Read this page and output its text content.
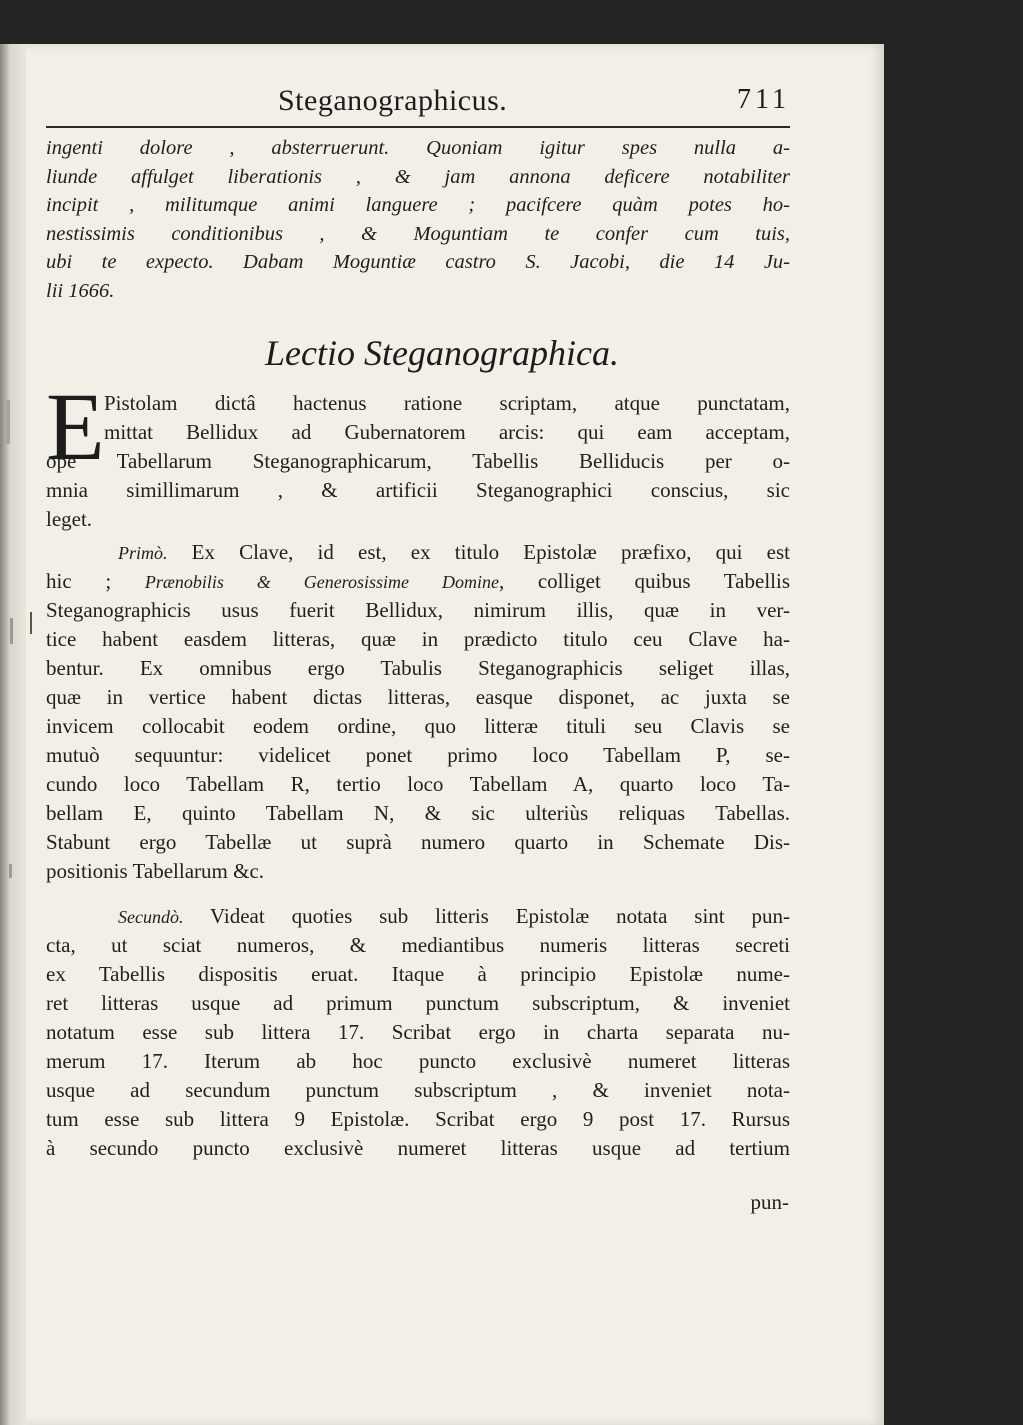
Steganographicus.	711
ingenti dolore , absterruerunt. Quoniam igitur spes nulla a-
liunde affulget liberationis , & jam annona deficere notabiliter
incipit , militumque animi languere ; pacifcere quàm potes ho-
nestissimis conditionibus , & Moguntiam te confer cum tuis,
ubi te expecto. Dabam Moguntiæ castro S. Jacobi, die 14 Ju-
lii 1666.
Lectio Steganographica.
E Pistolam dictâ hactenus ratione scriptam, atque punctatam,
mittat Bellidux ad Gubernatorem arcis: qui eam acceptam,
ope Tabellarum Steganographicarum, Tabellis Belliducis per o-
mnia simillimarum , & artificii Steganographici conscius, sic
leget.
Primò. Ex Clave, id est, ex titulo Epistolæ præfixo, qui est
hic ; Prænobilis & Generosissime Domine, colliget quibus Tabellis
Steganographicis usus fuerit Bellidux, nimirum illis, quæ in ver-
tice habent easdem litteras, quæ in prædicto titulo ceu Clave ha-
bentur. Ex omnibus ergo Tabulis Steganographicis seliget illas,
quæ in vertice habent dictas litteras, easque disponet, ac juxta se
invicem collocabit eodem ordine, quo litteræ tituli seu Clavis se
mutuò sequuntur: videlicet ponet primo loco Tabellam P, se-
cundo loco Tabellam R, tertio loco Tabellam A, quarto loco Ta-
bellam E, quinto Tabellam N, & sic ulteriùs reliquas Tabellas.
Stabunt ergo Tabellæ ut suprà numero quarto in Schemate Dis-
positionis Tabellarum &c.
Secundò. Videat quoties sub litteris Epistolæ notata sint pun-
cta, ut sciat numeros, & mediantibus numeris litteras secreti
ex Tabellis dispositis eruat. Itaque à principio Epistolæ nume-
ret litteras usque ad primum punctum subscriptum, & inveniet
notatum esse sub littera 17. Scribat ergo in charta separata nu-
merum 17. Iterum ab hoc puncto exclusivè numeret litteras
usque ad secundum punctum subscriptum , & inveniet nota-
tum esse sub littera 9 Epistolæ. Scribat ergo 9 post 17. Rursus
à secundo puncto exclusivè numeret litteras usque ad tertium
pun-
